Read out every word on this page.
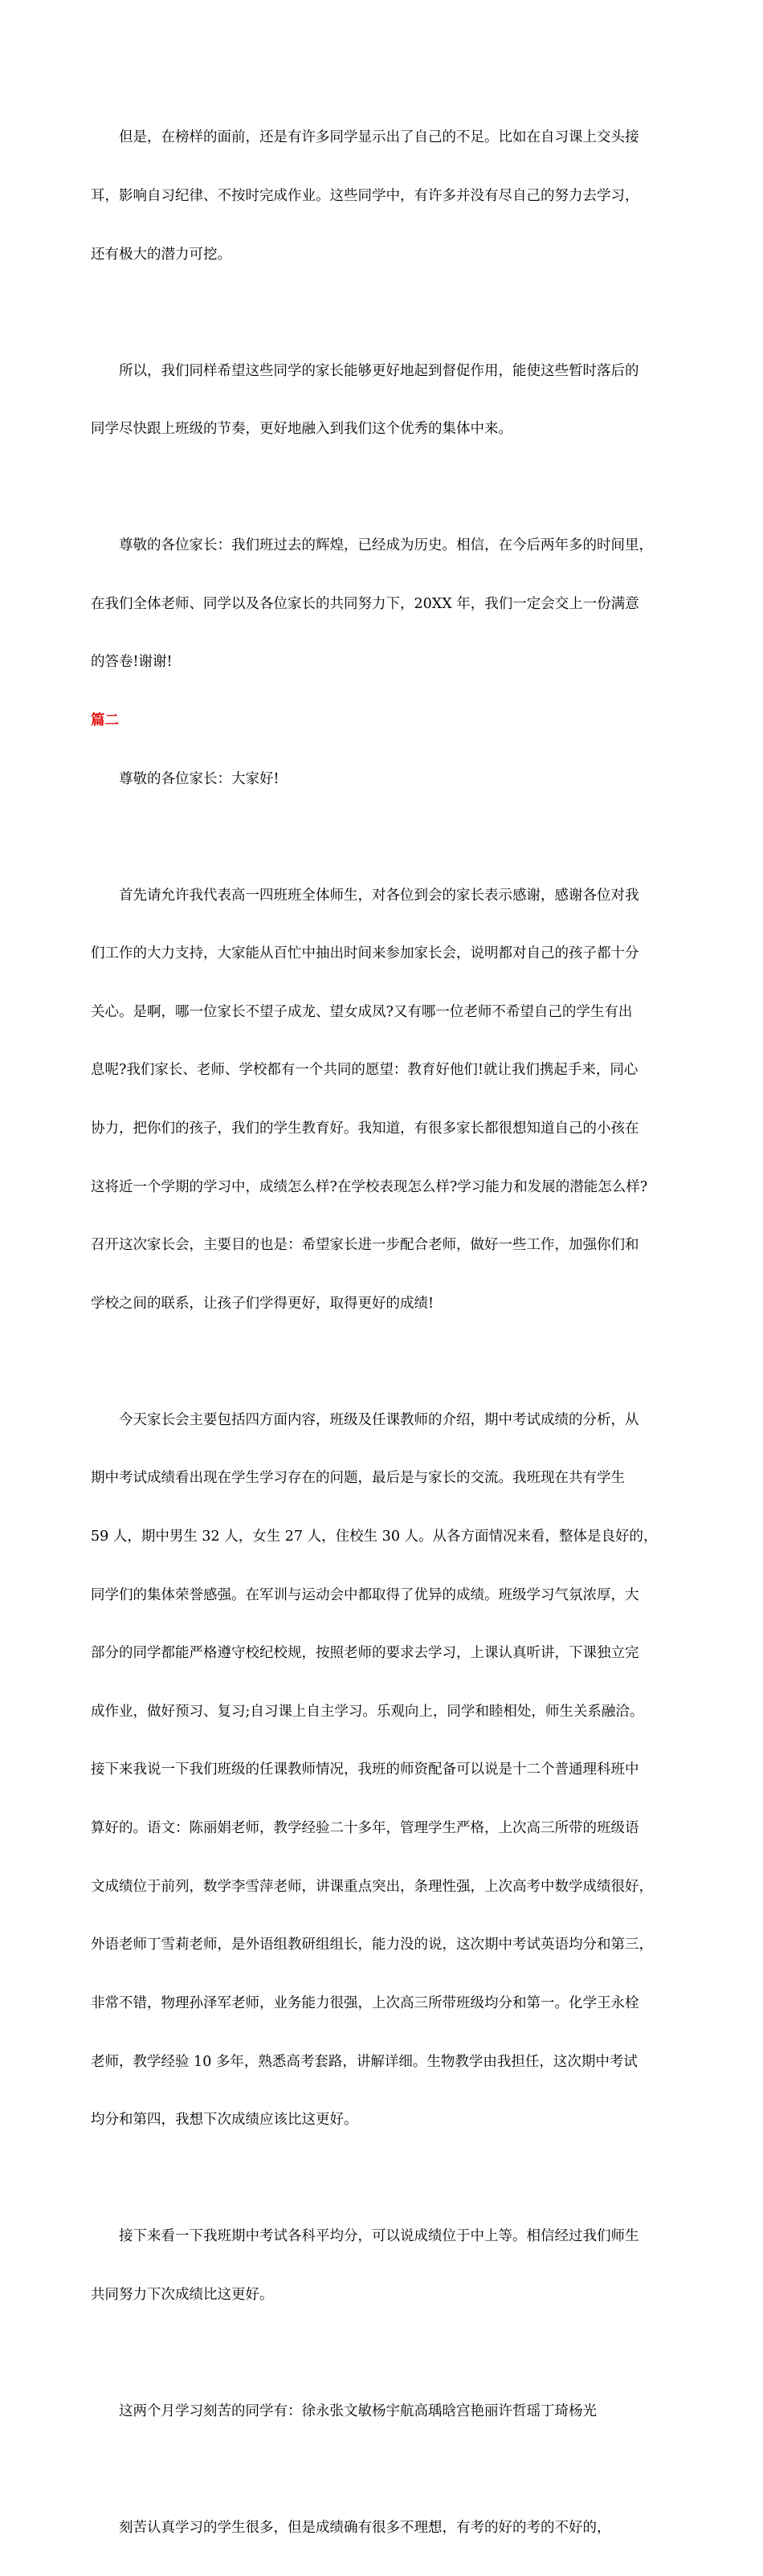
但是，在榜样的面前，还是有许多同学显示出了自己的不足。比如在自习课上交头接

耳，影响自习纪律、不按时完成作业。这些同学中，有许多并没有尽自己的努力去学习，

还有极大的潜力可挖。

所以，我们同样希望这些同学的家长能够更好地起到督促作用，能使这些暂时落后的

同学尽快跟上班级的节奏，更好地融入到我们这个优秀的集体中来。

尊敬的各位家长：我们班过去的辉煌，已经成为历史。相信，在今后两年多的时间里，

在我们全体老师、同学以及各位家长的共同努力下，20XX 年，我们一定会交上一份满意

的答卷!谢谢!

篇二

尊敬的各位家长：大家好!

首先请允许我代表高一四班班全体师生，对各位到会的家长表示感谢，感谢各位对我

们工作的大力支持，大家能从百忙中抽出时间来参加家长会，说明都对自己的孩子都十分

关心。是啊，哪一位家长不望子成龙、望女成凤?又有哪一位老师不希望自己的学生有出

息呢?我们家长、老师、学校都有一个共同的愿望：教育好他们!就让我们携起手来，同心

协力，把你们的孩子，我们的学生教育好。我知道，有很多家长都很想知道自己的小孩在

这将近一个学期的学习中，成绩怎么样?在学校表现怎么样?学习能力和发展的潜能怎么样?

召开这次家长会，主要目的也是：希望家长进一步配合老师，做好一些工作，加强你们和

学校之间的联系，让孩子们学得更好，取得更好的成绩!

今天家长会主要包括四方面内容，班级及任课教师的介绍，期中考试成绩的分析，从

期中考试成绩看出现在学生学习存在的问题，最后是与家长的交流。我班现在共有学生

59 人，期中男生 32 人，女生 27 人，住校生 30 人。从各方面情况来看，整体是良好的，

同学们的集体荣誉感强。在军训与运动会中都取得了优异的成绩。班级学习气氛浓厚，大

部分的同学都能严格遵守校纪校规，按照老师的要求去学习，上课认真听讲，下课独立完

成作业，做好预习、复习;自习课上自主学习。乐观向上，同学和睦相处，师生关系融洽。

接下来我说一下我们班级的任课教师情况，我班的师资配备可以说是十二个普通理科班中

算好的。语文：陈丽娟老师，教学经验二十多年，管理学生严格，上次高三所带的班级语

文成绩位于前列，数学李雪萍老师，讲课重点突出，条理性强，上次高考中数学成绩很好，

外语老师丁雪莉老师，是外语组教研组组长，能力没的说，这次期中考试英语均分和第三，

非常不错，物理孙泽军老师，业务能力很强，上次高三所带班级均分和第一。化学王永栓

老师，教学经验 10 多年，熟悉高考套路，讲解详细。生物教学由我担任，这次期中考试

均分和第四，我想下次成绩应该比这更好。

接下来看一下我班期中考试各科平均分，可以说成绩位于中上等。相信经过我们师生

共同努力下次成绩比这更好。

这两个月学习刻苦的同学有：徐永张文敏杨宇航高瑀晗宫艳丽许哲瑶丁琦杨光

刻苦认真学习的学生很多，但是成绩确有很多不理想，有考的好的考的不好的，
